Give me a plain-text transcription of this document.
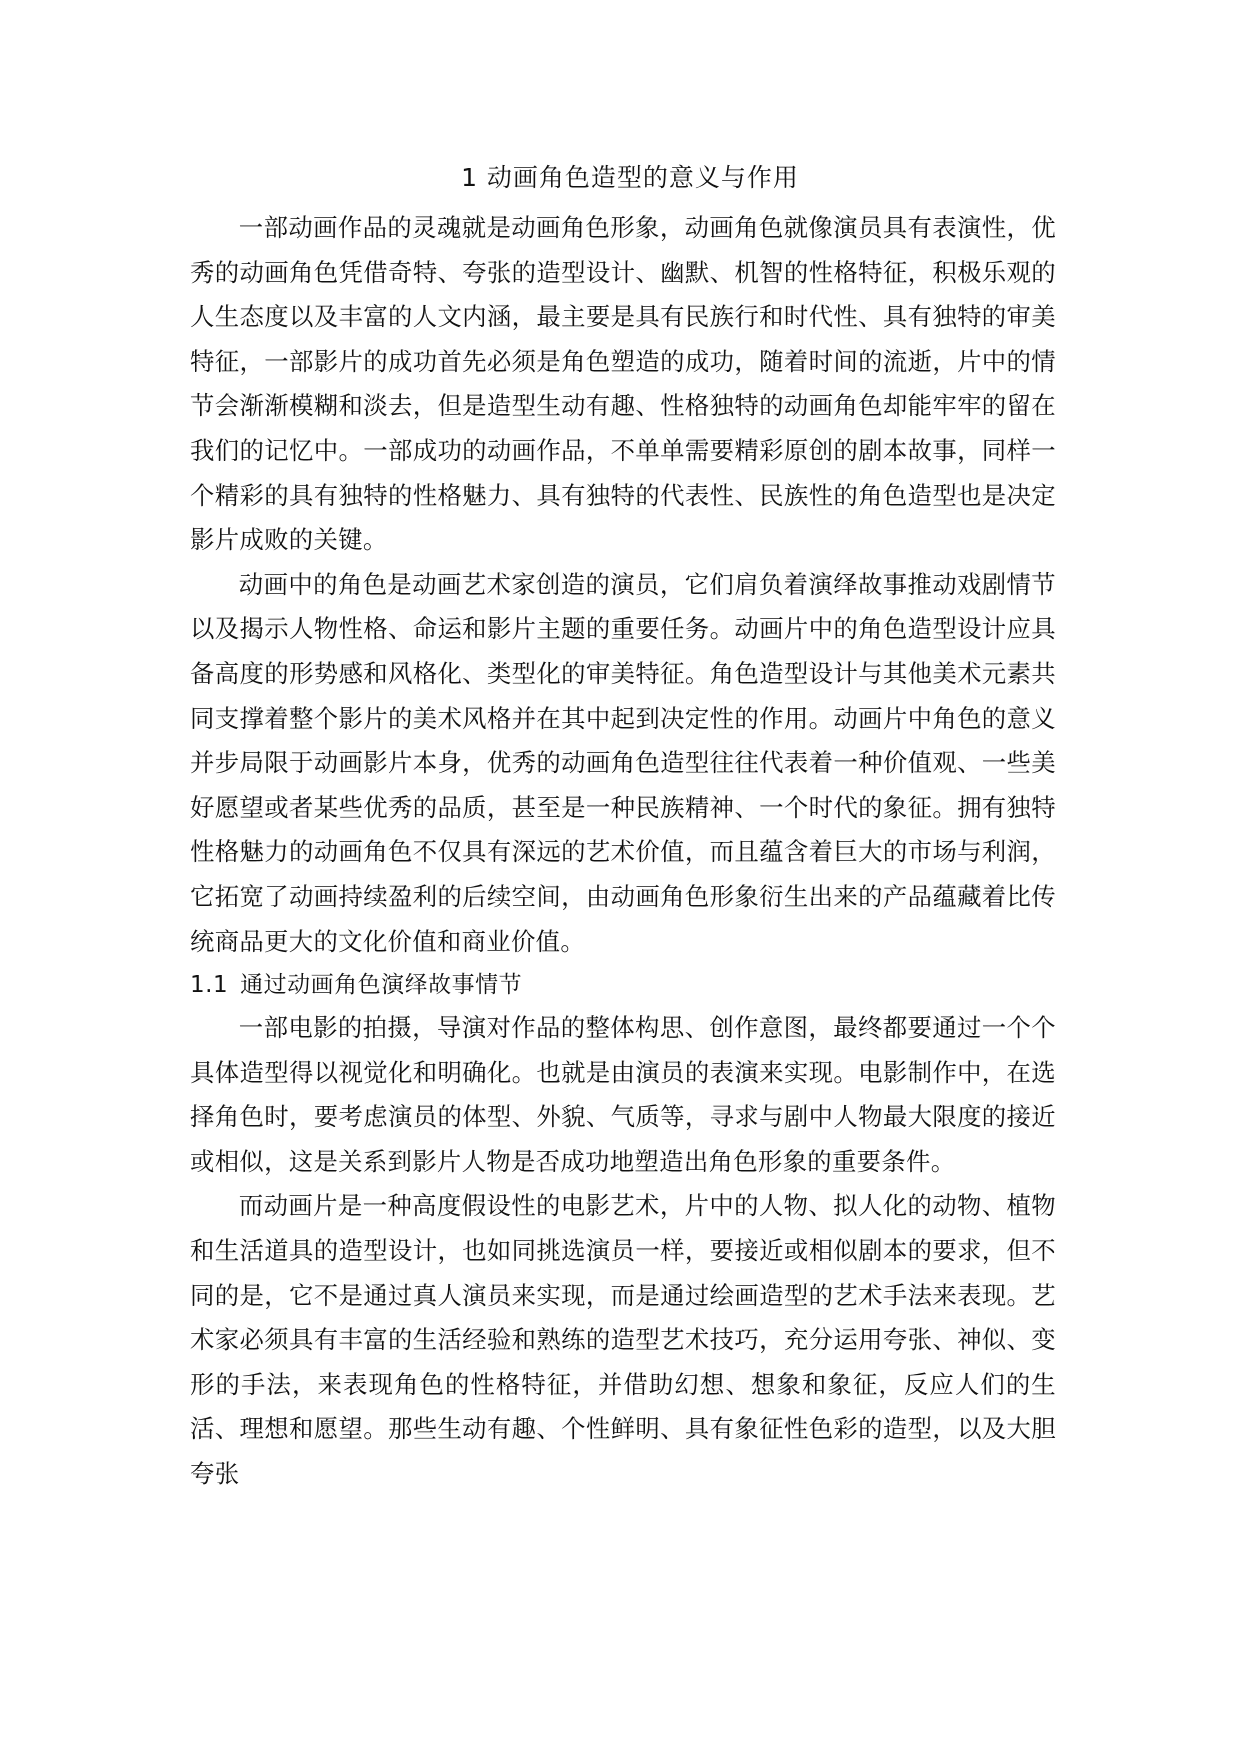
1 动画角色造型的意义与作用

一部动画作品的灵魂就是动画角色形象，动画角色就像演员具有表演性，优秀的动画角色凭借奇特、夸张的造型设计、幽默、机智的性格特征，积极乐观的人生态度以及丰富的人文内涵，最主要是具有民族行和时代性、具有独特的审美特征，一部影片的成功首先必须是角色塑造的成功，随着时间的流逝，片中的情节会渐渐模糊和淡去，但是造型生动有趣、性格独特的动画角色却能牢牢的留在我们的记忆中。一部成功的动画作品，不单单需要精彩原创的剧本故事，同样一个精彩的具有独特的性格魅力、具有独特的代表性、民族性的角色造型也是决定影片成败的关键。

动画中的角色是动画艺术家创造的演员，它们肩负着演绎故事推动戏剧情节以及揭示人物性格、命运和影片主题的重要任务。动画片中的角色造型设计应具备高度的形势感和风格化、类型化的审美特征。角色造型设计与其他美术元素共同支撑着整个影片的美术风格并在其中起到决定性的作用。动画片中角色的意义并步局限于动画影片本身，优秀的动画角色造型往往代表着一种价值观、一些美好愿望或者某些优秀的品质，甚至是一种民族精神、一个时代的象征。拥有独特性格魅力的动画角色不仅具有深远的艺术价值，而且蕴含着巨大的市场与利润，它拓宽了动画持续盈利的后续空间，由动画角色形象衍生出来的产品蕴藏着比传统商品更大的文化价值和商业价值。

1.1 通过动画角色演绎故事情节

一部电影的拍摄，导演对作品的整体构思、创作意图，最终都要通过一个个具体造型得以视觉化和明确化。也就是由演员的表演来实现。电影制作中，在选择角色时，要考虑演员的体型、外貌、气质等，寻求与剧中人物最大限度的接近或相似，这是关系到影片人物是否成功地塑造出角色形象的重要条件。

而动画片是一种高度假设性的电影艺术，片中的人物、拟人化的动物、植物和生活道具的造型设计，也如同挑选演员一样，要接近或相似剧本的要求，但不同的是，它不是通过真人演员来实现，而是通过绘画造型的艺术手法来表现。艺术家必须具有丰富的生活经验和熟练的造型艺术技巧，充分运用夸张、神似、变形的手法，来表现角色的性格特征，并借助幻想、想象和象征，反应人们的生活、理想和愿望。那些生动有趣、个性鲜明、具有象征性色彩的造型，以及大胆夸张
